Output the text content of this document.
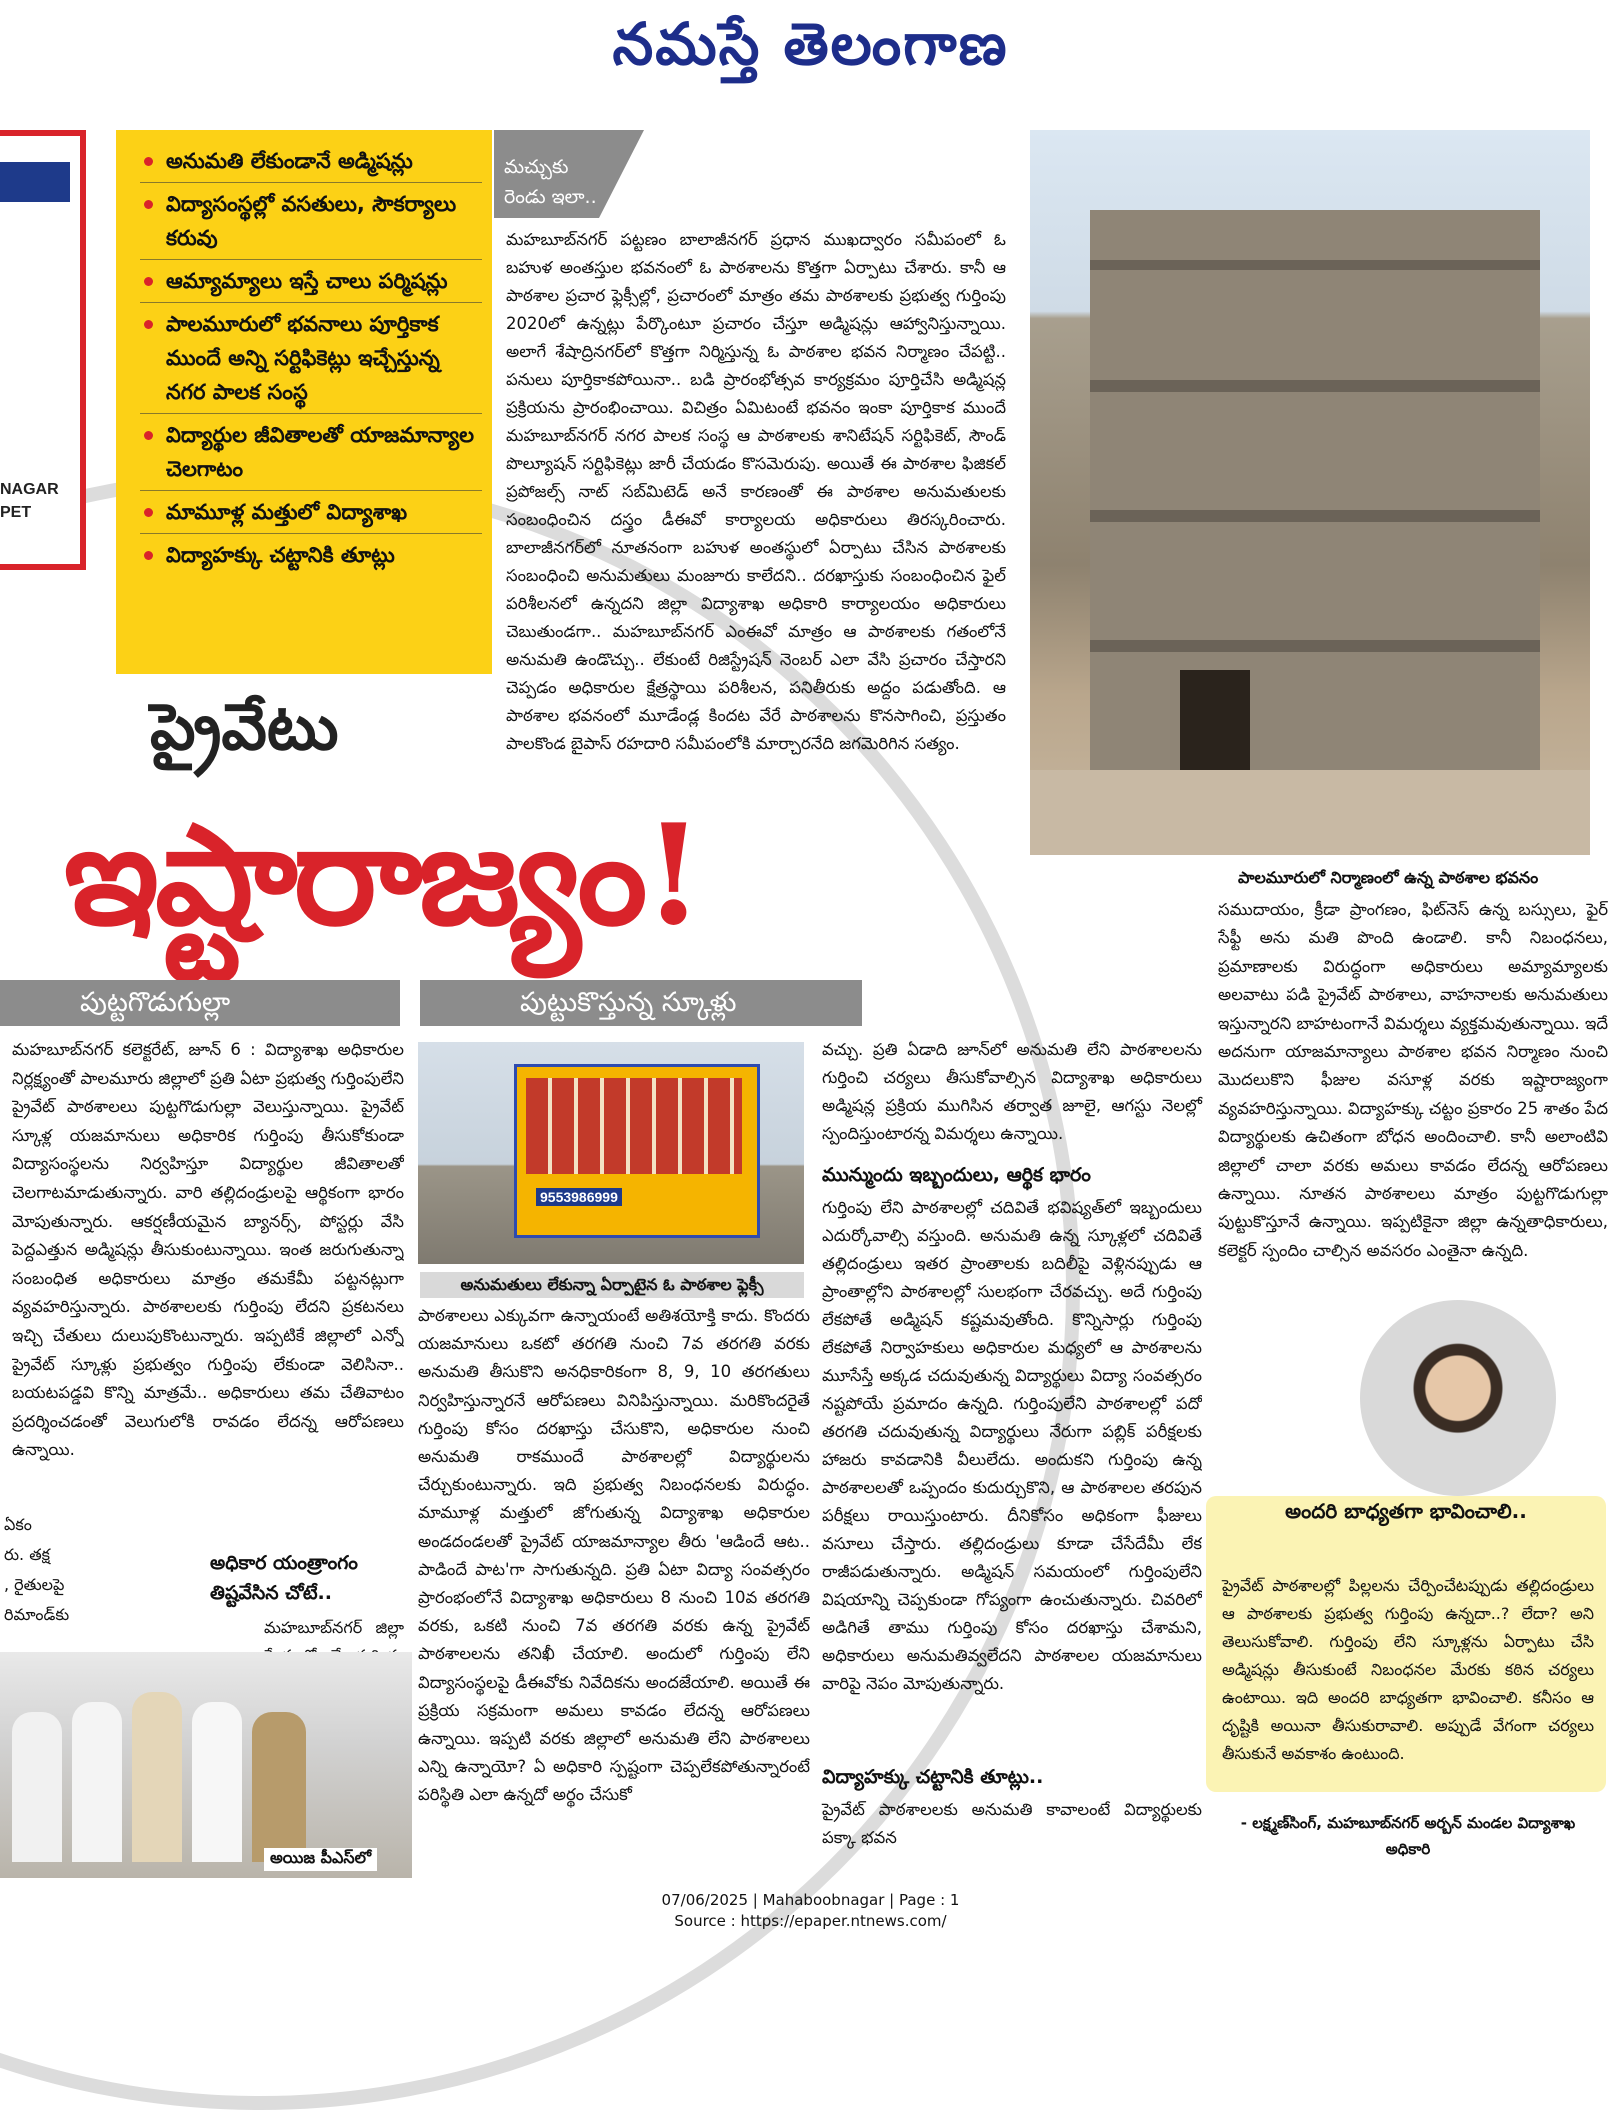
నమస్తే తెలంగాణ
NAGAR
PET
అనుమతి లేకుండానే అడ్మిషన్లు
విద్యాసంస్థల్లో వసతులు, సౌకర్యాలు కరువు
ఆమ్యామ్యాలు ఇస్తే చాలు పర్మిషన్లు
పాలమూరులో భవనాలు పూర్తికాక ముందే అన్ని సర్టిఫికెట్లు ఇచ్చేస్తున్న నగర పాలక సంస్థ
విద్యార్థుల జీవితాలతో యాజమాన్యాల చెలగాటం
మామూళ్ల మత్తులో విద్యాశాఖ
విద్యాహక్కు చట్టానికి తూట్లు
మచ్చుకు
రెండు ఇలా..
మహబూబ్‌నగర్ పట్టణం బాలాజీనగర్ ప్రధాన ముఖద్వారం సమీపంలో ఓ బహుళ అంతస్తుల భవనంలో ఓ పాఠశాలను కొత్తగా ఏర్పాటు చేశారు. కానీ ఆ పాఠశాల ప్రచార ఫ్లెక్సీల్లో, ప్రచారంలో మాత్రం తమ పాఠశాలకు ప్రభుత్వ గుర్తింపు 2020లో ఉన్నట్లు పేర్కొంటూ ప్రచారం చేస్తూ అడ్మిషన్లు ఆహ్వానిస్తున్నాయి. అలాగే శేషాద్రినగర్‌లో కొత్తగా నిర్మిస్తున్న ఓ పాఠశాల భవన నిర్మాణం చేపట్టి.. పనులు పూర్తికాకపోయినా.. బడి ప్రారంభోత్సవ కార్యక్రమం పూర్తిచేసి అడ్మిషన్ల ప్రక్రియను ప్రారంభించాయి. విచిత్రం ఏమిటంటే భవనం ఇంకా పూర్తికాక ముందే మహబూబ్‌నగర్ నగర పాలక సంస్థ ఆ పాఠశాలకు శానిటేషన్ సర్టిఫికెట్, సౌండ్ పొల్యూషన్ సర్టిఫికెట్లు జారీ చేయడం కొసమెరుపు. అయితే ఈ పాఠశాల ఫిజికల్ ప్రపోజల్స్ నాట్ సబ్‌మిటెడ్ అనే కారణంతో ఈ పాఠశాల అనుమతులకు సంబంధించిన దస్త్రం డీఈవో కార్యాలయ అధికారులు తిరస్కరించారు. బాలాజీనగర్‌లో నూతనంగా బహుళ అంతస్థులో ఏర్పాటు చేసిన పాఠశాలకు సంబంధించి అనుమతులు మంజూరు కాలేదని.. దరఖాస్తుకు సంబంధించిన ఫైల్ పరిశీలనలో ఉన్నదని జిల్లా విద్యాశాఖ అధికారి కార్యాలయం అధికారులు చెబుతుండగా.. మహబూబ్‌నగర్ ఎంఈవో మాత్రం ఆ పాఠశాలకు గతంలోనే అనుమతి ఉండొచ్చు.. లేకుంటే రిజిస్ట్రేషన్ నెంబర్ ఎలా వేసి ప్రచారం చేస్తారని చెప్పడం అధికారుల క్షేత్రస్థాయి పరిశీలన, పనితీరుకు అద్దం పడుతోంది. ఆ పాఠశాల భవనంలో మూడేండ్ల కిందట వేరే పాఠశాలను కొనసాగించి, ప్రస్తుతం పాలకొండ బైపాస్ రహదారి సమీపంలోకి మార్చారనేది జగమెరిగిన సత్యం.
పాలమూరులో నిర్మాణంలో ఉన్న పాఠశాల భవనం
ప్రైవేటు
ఇష్టారాజ్యం!
పుట్టగొడుగుల్లా	పుట్టుకొస్తున్న స్కూళ్లు
మహబూబ్‌నగర్ కలెక్టరేట్, జూన్ 6 : విద్యాశాఖ అధికారుల నిర్లక్ష్యంతో పాలమూరు జిల్లాలో ప్రతి ఏటా ప్రభుత్వ గుర్తింపులేని ప్రైవేట్ పాఠశాలలు పుట్టగొడుగుల్లా వెలుస్తున్నాయి. ప్రైవేట్ స్కూళ్ల యజమానులు అధికారిక గుర్తింపు తీసుకోకుండా విద్యాసంస్థలను నిర్వహిస్తూ విద్యార్థుల జీవితాలతో చెలగాటమాడుతున్నారు. వారి తల్లిదండ్రులపై ఆర్థికంగా భారం మోపుతున్నారు. ఆకర్షణీయమైన బ్యానర్స్, పోస్టర్లు వేసి పెద్దఎత్తున అడ్మిషన్లు తీసుకుంటున్నాయి. ఇంత జరుగుతున్నా సంబంధిత అధికారులు మాత్రం తమకేమీ పట్టనట్లుగా వ్యవహరిస్తున్నారు. పాఠశాలలకు గుర్తింపు లేదని ప్రకటనలు ఇచ్చి చేతులు దులుపుకొంటున్నారు. ఇప్పటికే జిల్లాలో ఎన్నో ప్రైవేట్ స్కూళ్లు ప్రభుత్వం గుర్తింపు లేకుండా వెలిసినా.. బయటపడ్డవి కొన్ని మాత్రమే.. అధికారులు తమ చేతివాటం ప్రదర్శించడంతో వెలుగులోకి రావడం లేదన్న ఆరోపణలు ఉన్నాయి.
అధికార యంత్రాంగం తిష్టవేసిన చోటే..
మహబూబ్‌నగర్ జిల్లా
ఏకం
రు. తక్ష
, రైతులపై
రిమాండ్‌కు
9553986999
అనుమతులు లేకున్నా ఏర్పాటైన ఓ పాఠశాల ఫ్లెక్సీ
పాఠశాలలు ఎక్కువగా ఉన్నాయంటే అతిశయోక్తి కాదు. కొందరు యజమానులు ఒకటో తరగతి నుంచి 7వ తరగతి వరకు అనుమతి తీసుకొని అనధికారికంగా 8, 9, 10 తరగతులు నిర్వహిస్తున్నారనే ఆరోపణలు వినిపిస్తున్నాయి. మరికొందరైతే గుర్తింపు కోసం దరఖాస్తు చేసుకొని, అధికారుల నుంచి అనుమతి రాకముందే పాఠశాలల్లో విద్యార్థులను చేర్చుకుంటున్నారు. ఇది ప్రభుత్వ నిబంధనలకు విరుద్ధం. మామూళ్ల మత్తులో జోగుతున్న విద్యాశాఖ అధికారుల అండదండలతో ప్రైవేట్ యాజమాన్యాల తీరు 'ఆడిందే ఆట.. పాడిందే పాట'గా సాగుతున్నది. ప్రతి ఏటా విద్యా సంవత్సరం ప్రారంభంలోనే విద్యాశాఖ అధికారులు 8 నుంచి 10వ తరగతి వరకు, ఒకటి నుంచి 7వ తరగతి వరకు ఉన్న ప్రైవేట్ పాఠశాలలను తనిఖీ చేయాలి. అందులో గుర్తింపు లేని విద్యాసంస్థలపై డీఈవోకు నివేదికను అందజేయాలి. అయితే ఈ ప్రక్రియ సక్రమంగా అమలు కావడం లేదన్న ఆరోపణలు ఉన్నాయి. ఇప్పటి వరకు జిల్లాలో అనుమతి లేని పాఠశాలలు ఎన్ని ఉన్నాయో? ఏ అధికారి స్పష్టంగా చెప్పలేకపోతున్నారంటే పరిస్థితి ఎలా ఉన్నదో అర్థం చేసుకో
వచ్చు. ప్రతి ఏడాది జూన్‌లో అనుమతి లేని పాఠశాలలను గుర్తించి చర్యలు తీసుకోవాల్సిన విద్యాశాఖ అధికారులు అడ్మిషన్ల ప్రక్రియ ముగిసిన తర్వాత జూలై, ఆగస్టు నెలల్లో స్పందిస్తుంటారన్న విమర్శలు ఉన్నాయి.
మున్ముందు ఇబ్బందులు, ఆర్థిక భారం
గుర్తింపు లేని పాఠశాలల్లో చదివితే భవిష్యత్‌లో ఇబ్బందులు ఎదుర్కోవాల్సి వస్తుంది. అనుమతి ఉన్న స్కూళ్లలో చదివితే తల్లిదండ్రులు ఇతర ప్రాంతాలకు బదిలీపై వెళ్లినప్పుడు ఆ ప్రాంతాల్లోని పాఠశాలల్లో సులభంగా చేరవచ్చు. అదే గుర్తింపు లేకపోతే అడ్మిషన్ కష్టమవుతోంది. కొన్నిసార్లు గుర్తింపు లేకపోతే నిర్వాహకులు అధికారుల మధ్యలో ఆ పాఠశాలను మూసేస్తే అక్కడ చదువుతున్న విద్యార్థులు విద్యా సంవత్సరం నష్టపోయే ప్రమాదం ఉన్నది. గుర్తింపులేని పాఠశాలల్లో పదో తరగతి చదువుతున్న విద్యార్థులు నేరుగా పబ్లిక్ పరీక్షలకు హాజరు కావడానికి వీలులేదు. అందుకని గుర్తింపు ఉన్న పాఠశాలలతో ఒప్పందం కుదుర్చుకొని, ఆ పాఠశాలల తరపున పరీక్షలు రాయిస్తుంటారు. దీనికోసం అధికంగా ఫీజులు వసూలు చేస్తారు. తల్లిదండ్రులు కూడా చేసేదేమీ లేక రాజీపడుతున్నారు. అడ్మిషన్ సమయంలో గుర్తింపులేని విషయాన్ని చెప్పకుండా గోప్యంగా ఉంచుతున్నారు. చివరిలో అడిగితే తాము గుర్తింపు కోసం దరఖాస్తు చేశామని, అధికారులు అనుమతివ్వలేదని పాఠశాలల యజమానులు వారిపై నెపం మోపుతున్నారు.
విద్యాహక్కు చట్టానికి తూట్లు..
ప్రైవేట్ పాఠశాలలకు అనుమతి కావాలంటే విద్యార్థులకు పక్కా భవన
సముదాయం, క్రీడా ప్రాంగణం, ఫిట్‌నెస్ ఉన్న బస్సులు, ఫైర్ సేఫ్టీ అను మతి పొంది ఉండాలి. కానీ నిబంధనలు, ప్రమాణాలకు విరుద్ధంగా అధికారులు అమ్యామ్యాలకు అలవాటు పడి ప్రైవేట్ పాఠశాలు, వాహనాలకు అనుమతులు ఇస్తున్నారని బాహటంగానే విమర్శలు వ్యక్తమవుతున్నాయి. ఇదే అదనుగా యాజమాన్యాలు పాఠశాల భవన నిర్మాణం నుంచి మొదలుకొని ఫీజుల వసూళ్ల వరకు ఇష్టారాజ్యంగా వ్యవహరిస్తున్నాయి. విద్యాహక్కు చట్టం ప్రకారం 25 శాతం పేద విద్యార్థులకు ఉచితంగా బోధన అందించాలి. కానీ అలాంటివి జిల్లాలో చాలా వరకు అమలు కావడం లేదన్న ఆరోపణలు ఉన్నాయి. నూతన పాఠశాలలు మాత్రం పుట్టగొడుగుల్లా పుట్టుకొస్తూనే ఉన్నాయి. ఇప్పటికైనా జిల్లా ఉన్నతాధికారులు, కలెక్టర్ స్పందిం చాల్సిన అవసరం ఎంతైనా ఉన్నది.
అందరి బాధ్యతగా భావించాలి..
ప్రైవేట్ పాఠశాలల్లో పిల్లలను చేర్పించేటప్పుడు తల్లిదండ్రులు ఆ పాఠశాలకు ప్రభుత్వ గుర్తింపు ఉన్నదా..? లేదా? అని తెలుసుకోవాలి. గుర్తింపు లేని స్కూళ్లను ఏర్పాటు చేసి అడ్మిషన్లు తీసుకుంటే నిబంధనల మేరకు కఠిన చర్యలు ఉంటాయి. ఇది అందరి బాధ్యతగా భావించాలి. కనీసం ఆ దృష్టికి అయినా తీసుకురావాలి. అప్పుడే వేగంగా చర్యలు తీసుకునే అవకాశం ఉంటుంది.
- లక్ష్మణ్‌సింగ్, మహబూబ్‌నగర్ అర్బన్ మండల విద్యాశాఖ అధికారి
అయిజ పీఎస్‌లో
07/06/2025 | Mahaboobnagar | Page : 1
Source : https://epaper.ntnews.com/
